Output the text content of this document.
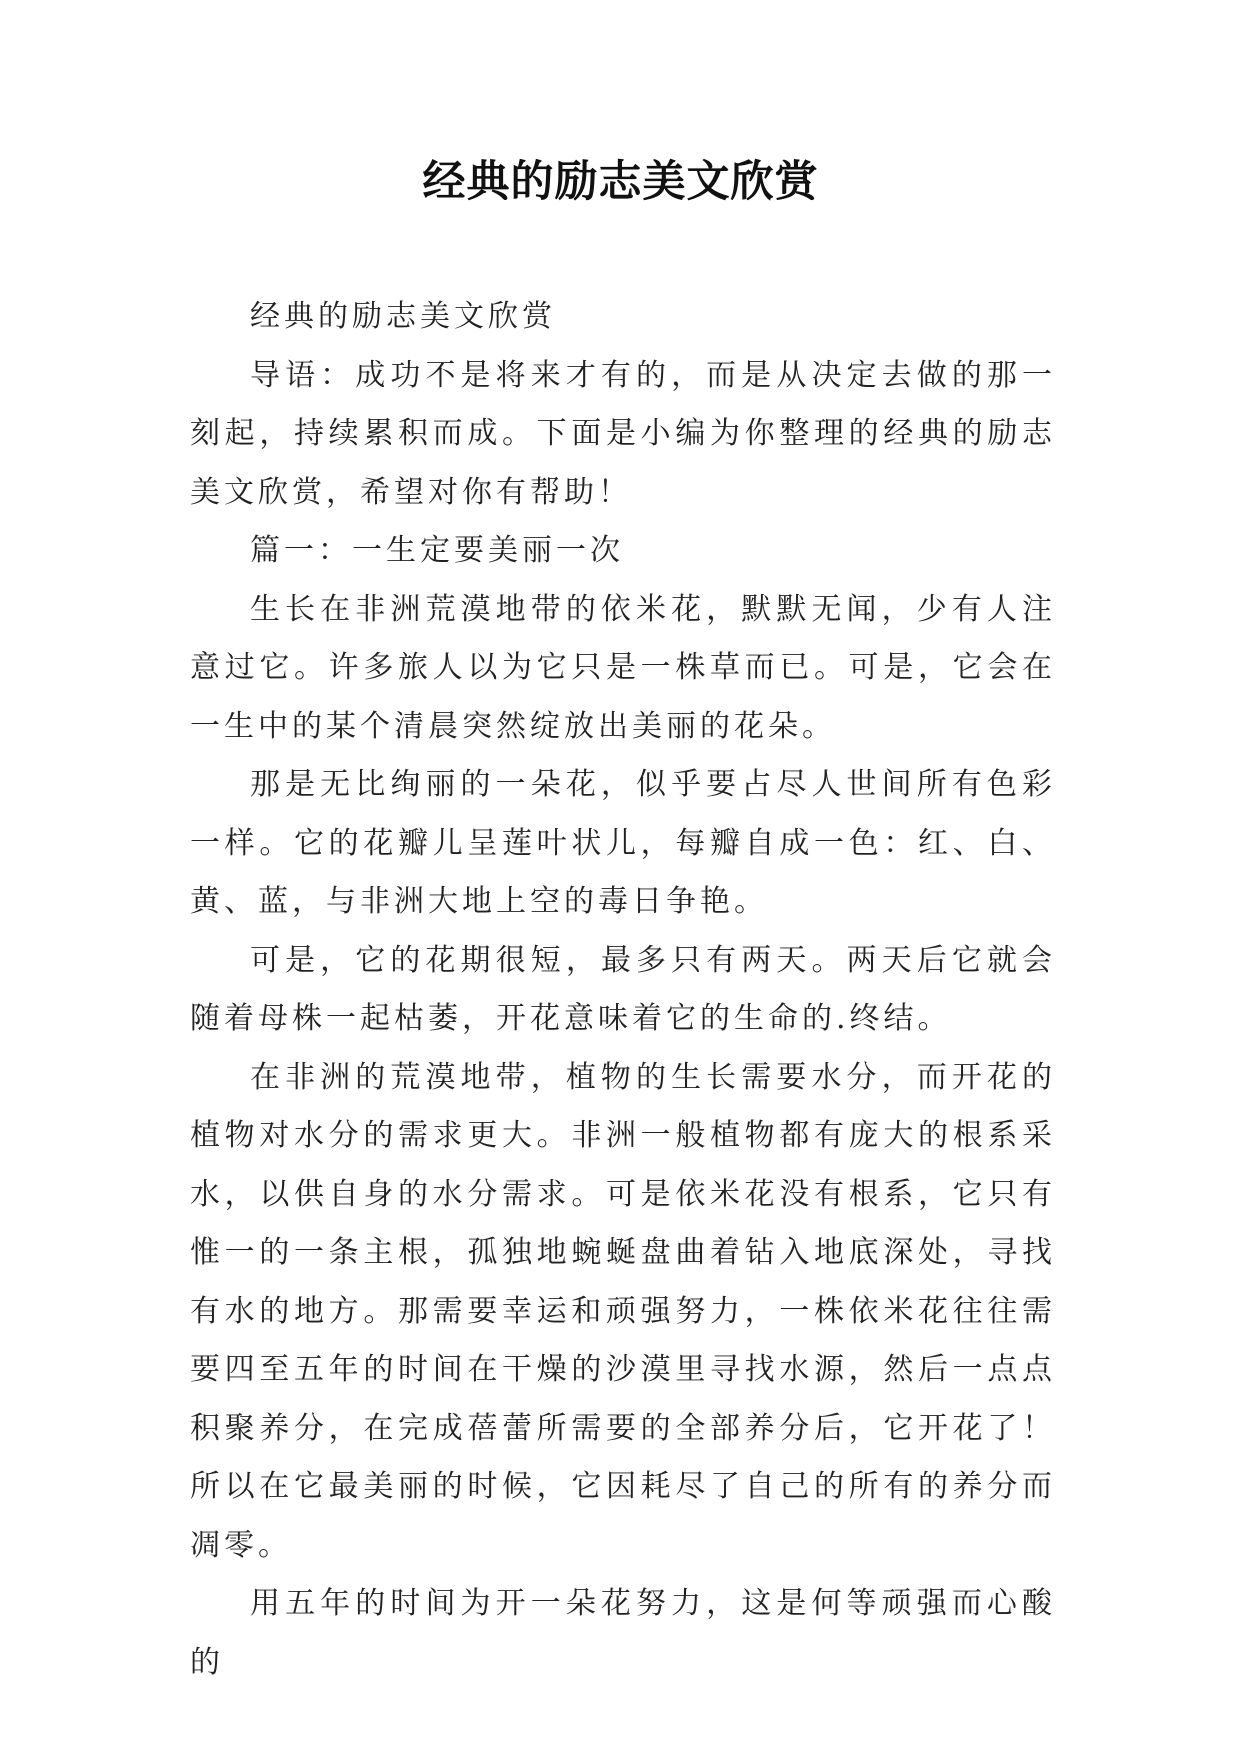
经典的励志美文欣赏

经典的励志美文欣赏

导语：成功不是将来才有的，而是从决定去做的那一刻起，持续累积而成。下面是小编为你整理的经典的励志美文欣赏，希望对你有帮助！

篇一：一生定要美丽一次

生长在非洲荒漠地带的依米花，默默无闻，少有人注意过它。许多旅人以为它只是一株草而已。可是，它会在一生中的某个清晨突然绽放出美丽的花朵。

那是无比绚丽的一朵花，似乎要占尽人世间所有色彩一样。它的花瓣儿呈莲叶状儿，每瓣自成一色：红、白、黄、蓝，与非洲大地上空的毒日争艳。

可是，它的花期很短，最多只有两天。两天后它就会随着母株一起枯萎，开花意味着它的生命的.终结。

在非洲的荒漠地带，植物的生长需要水分，而开花的植物对水分的需求更大。非洲一般植物都有庞大的根系采水，以供自身的水分需求。可是依米花没有根系，它只有惟一的一条主根，孤独地蜿蜒盘曲着钻入地底深处，寻找有水的地方。那需要幸运和顽强努力，一株依米花往往需要四至五年的时间在干燥的沙漠里寻找水源，然后一点点积聚养分，在完成蓓蕾所需要的全部养分后，它开花了！所以在它最美丽的时候，它因耗尽了自己的所有的养分而凋零。

用五年的时间为开一朵花努力，这是何等顽强而心酸的
